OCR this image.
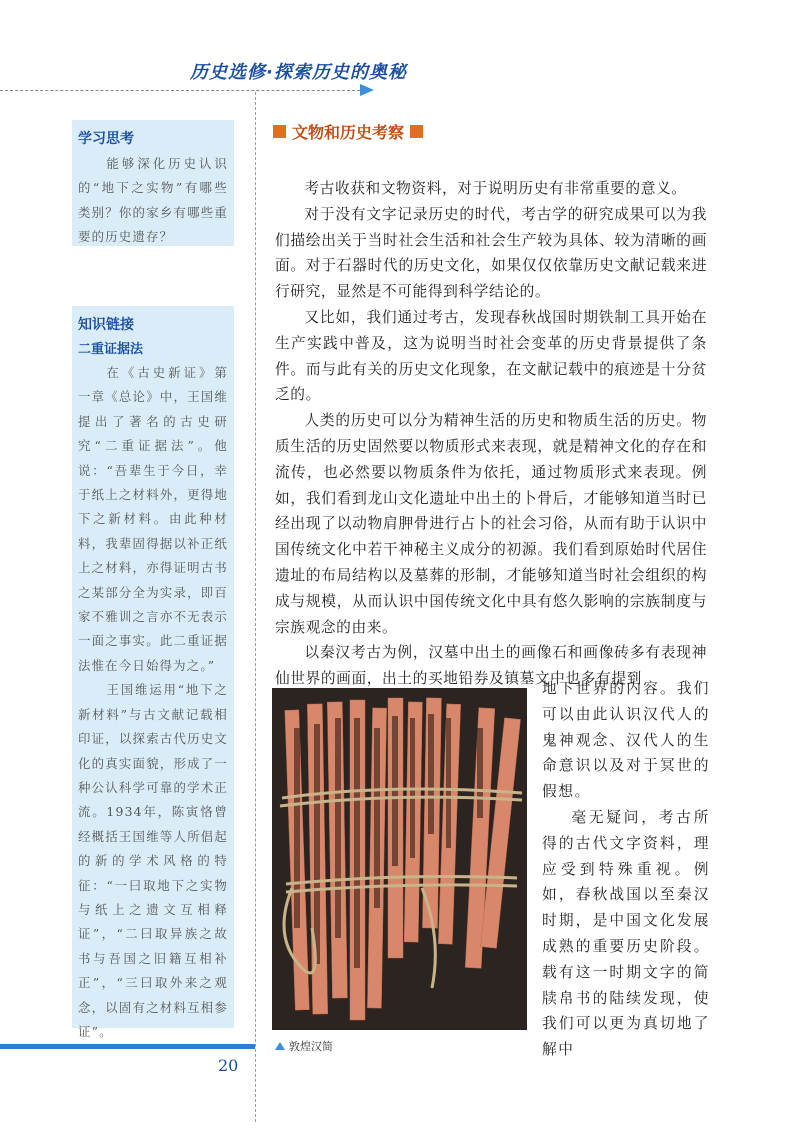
历史选修·探索历史的奥秘
学习思考

能够深化历史认识的“地下之实物”有哪些类别？你的家乡有哪些重要的历史遗存？

知识链接
二重证据法

在《古史新证》第一章《总论》中，王国维提出了著名的古史研究“二重证据法”。他说：“吾辈生于今日，幸于纸上之材料外，更得地下之新材料。由此种材料，我辈固得据以补正纸上之材料，亦得证明古书之某部分全为实录，即百家不雅训之言亦不无表示一面之事实。此二重证据法惟在今日始得为之。”

王国维运用“地下之新材料”与古文献记载相印证，以探索古代历史文化的真实面貌，形成了一种公认科学可靠的学术正流。1934年，陈寅恪曾经概括王国维等人所倡起的新的学术风格的特征：“一曰取地下之实物与纸上之遗文互相释证”，“二曰取异族之故书与吾国之旧籍互相补正”，“三曰取外来之观念，以固有之材料互相参证”。

文物和历史考察

考古收获和文物资料，对于说明历史有非常重要的意义。

对于没有文字记录历史的时代，考古学的研究成果可以为我们描绘出关于当时社会生活和社会生产较为具体、较为清晰的画面。对于石器时代的历史文化，如果仅仅依靠历史文献记载来进行研究，显然是不可能得到科学结论的。

又比如，我们通过考古，发现春秋战国时期铁制工具开始在生产实践中普及，这为说明当时社会变革的历史背景提供了条件。而与此有关的历史文化现象，在文献记载中的痕迹是十分贫乏的。

人类的历史可以分为精神生活的历史和物质生活的历史。物质生活的历史固然要以物质形式来表现，就是精神文化的存在和流传，也必然要以物质条件为依托，通过物质形式来表现。例如，我们看到龙山文化遗址中出土的卜骨后，才能够知道当时已经出现了以动物肩胛骨进行占卜的社会习俗，从而有助于认识中国传统文化中若干神秘主义成分的初源。我们看到原始时代居住遗址的布局结构以及墓葬的形制，才能够知道当时社会组织的构成与规模，从而认识中国传统文化中具有悠久影响的宗族制度与宗族观念的由来。

以秦汉考古为例，汉墓中出土的画像石和画像砖多有表现神仙世界的画面，出土的买地铅券及镇墓文中也多有提到

敦煌汉简

地下世界的内容。我们可以由此认识汉代人的鬼神观念、汉代人的生命意识以及对于冥世的假想。

毫无疑问，考古所得的古代文字资料，理应受到特殊重视。例如，春秋战国以至秦汉时期，是中国文化发展成熟的重要历史阶段。载有这一时期文字的简牍帛书的陆续发现，使我们可以更为真切地了解中

20
